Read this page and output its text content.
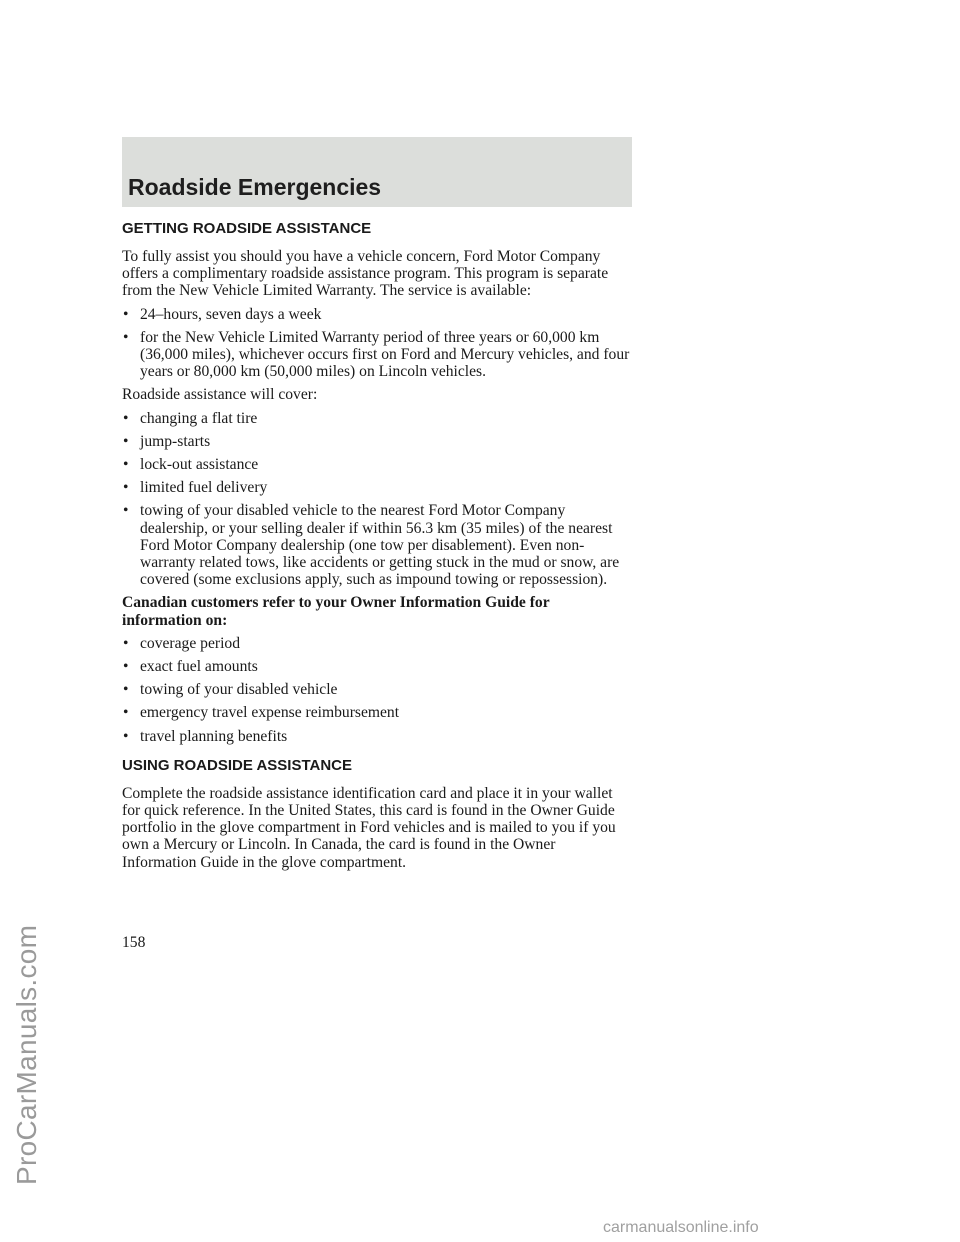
Roadside Emergencies
GETTING ROADSIDE ASSISTANCE

To fully assist you should you have a vehicle concern, Ford Motor Company offers a complimentary roadside assistance program. This program is separate from the New Vehicle Limited Warranty. The service is available:

• 24–hours, seven days a week
• for the New Vehicle Limited Warranty period of three years or 60,000 km (36,000 miles), whichever occurs first on Ford and Mercury vehicles, and four years or 80,000 km (50,000 miles) on Lincoln vehicles.

Roadside assistance will cover:

• changing a flat tire
• jump-starts
• lock-out assistance
• limited fuel delivery
• towing of your disabled vehicle to the nearest Ford Motor Company dealership, or your selling dealer if within 56.3 km (35 miles) of the nearest Ford Motor Company dealership (one tow per disablement). Even non-warranty related tows, like accidents or getting stuck in the mud or snow, are covered (some exclusions apply, such as impound towing or repossession).

Canadian customers refer to your Owner Information Guide for information on:

• coverage period
• exact fuel amounts
• towing of your disabled vehicle
• emergency travel expense reimbursement
• travel planning benefits
USING ROADSIDE ASSISTANCE

Complete the roadside assistance identification card and place it in your wallet for quick reference. In the United States, this card is found in the Owner Guide portfolio in the glove compartment in Ford vehicles and is mailed to you if you own a Mercury or Lincoln. In Canada, the card is found in the Owner Information Guide in the glove compartment.

158
ProCarManuals.com
carmanualsonline.info
